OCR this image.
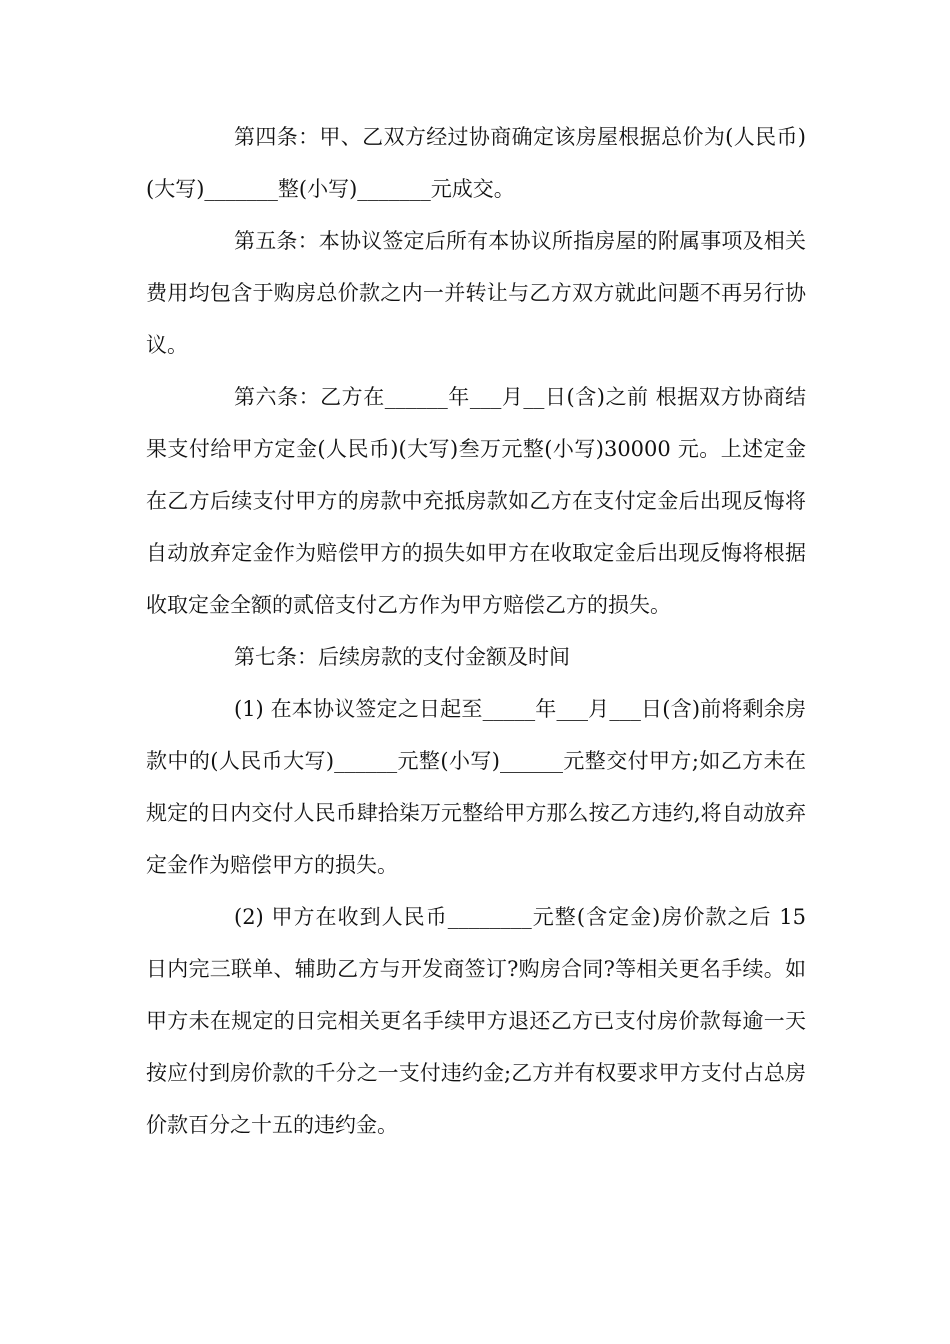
第四条：甲、乙双方经过协商确定该房屋根据总价为(人民币)(大写)_______整(小写)_______元成交。

第五条：本协议签定后所有本协议所指房屋的附属事项及相关费用均包含于购房总价款之内一并转让与乙方双方就此问题不再另行协议。

第六条：乙方在______年___月__日(含)之前 根据双方协商结果支付给甲方定金(人民币)(大写)叁万元整(小写)30000 元。上述定金在乙方后续支付甲方的房款中充抵房款如乙方在支付定金后出现反悔将自动放弃定金作为赔偿甲方的损失如甲方在收取定金后出现反悔将根据收取定金全额的贰倍支付乙方作为甲方赔偿乙方的损失。

第七条：后续房款的支付金额及时间

(1) 在本协议签定之日起至_____年___月___日(含)前将剩余房款中的(人民币大写)______元整(小写)______元整交付甲方;如乙方未在规定的日内交付人民币肆拾柒万元整给甲方那么按乙方违约,将自动放弃定金作为赔偿甲方的损失。

(2) 甲方在收到人民币________元整(含定金)房价款之后 15 日内完三联单、辅助乙方与开发商签订?购房合同?等相关更名手续。如甲方未在规定的日完相关更名手续甲方退还乙方已支付房价款每逾一天按应付到房价款的千分之一支付违约金;乙方并有权要求甲方支付占总房价款百分之十五的违约金。
